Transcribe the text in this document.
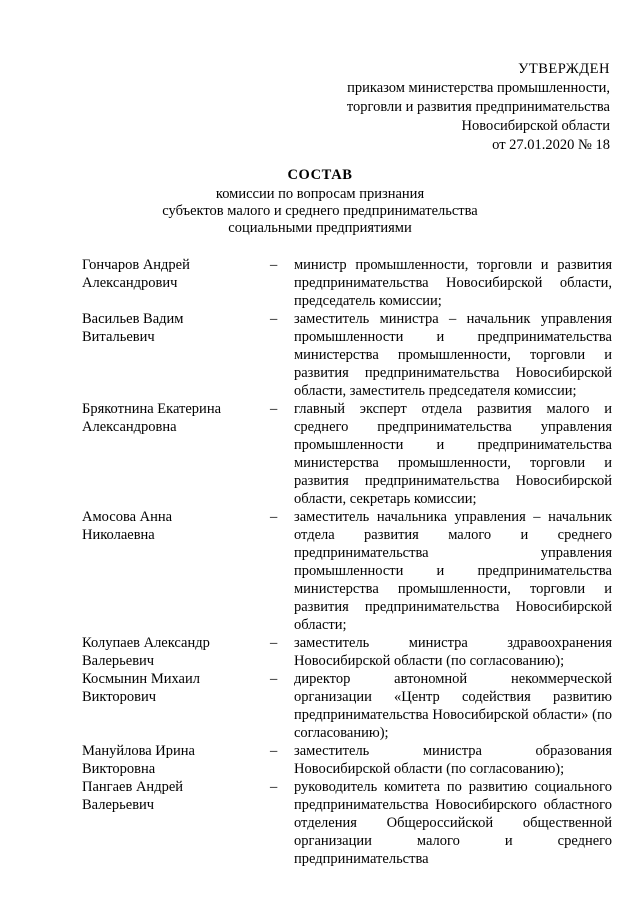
УТВЕРЖДЕН
приказом министерства промышленности,
торговли и развития предпринимательства
Новосибирской области
от 27.01.2020 № 18
СОСТАВ
комиссии по вопросам признания
субъектов малого и среднего предпринимательства
социальными предприятиями
Гончаров Андрей
Александрович
–	министр промышленности, торговли и развития предпринимательства Новосибирской области, председатель комиссии;
Васильев Вадим
Витальевич
–	заместитель министра – начальник управления промышленности и предпринимательства министерства промышленности, торговли и развития предпринимательства Новосибирской области, заместитель председателя комиссии;
Брякотнина Екатерина
Александровна
–	главный эксперт отдела развития малого и среднего предпринимательства управления промышленности и предпринимательства министерства промышленности, торговли и развития предпринимательства Новосибирской области, секретарь комиссии;
Амосова Анна
Николаевна
–	заместитель начальника управления – начальник отдела развития малого и среднего предпринимательства управления промышленности и предпринимательства министерства промышленности, торговли и развития предпринимательства Новосибирской области;
Колупаев Александр
Валерьевич
–	заместитель министра здравоохранения Новосибирской области (по согласованию);
Космынин Михаил
Викторович
–	директор автономной некоммерческой организации «Центр содействия развитию предпринимательства Новосибирской области» (по согласованию);
Мануйлова Ирина
Викторовна
–	заместитель министра образования Новосибирской области (по согласованию);
Пангаев Андрей
Валерьевич
–	руководитель комитета по развитию социального предпринимательства Новосибирского областного отделения Общероссийской общественной организации малого и среднего предпринимательства
